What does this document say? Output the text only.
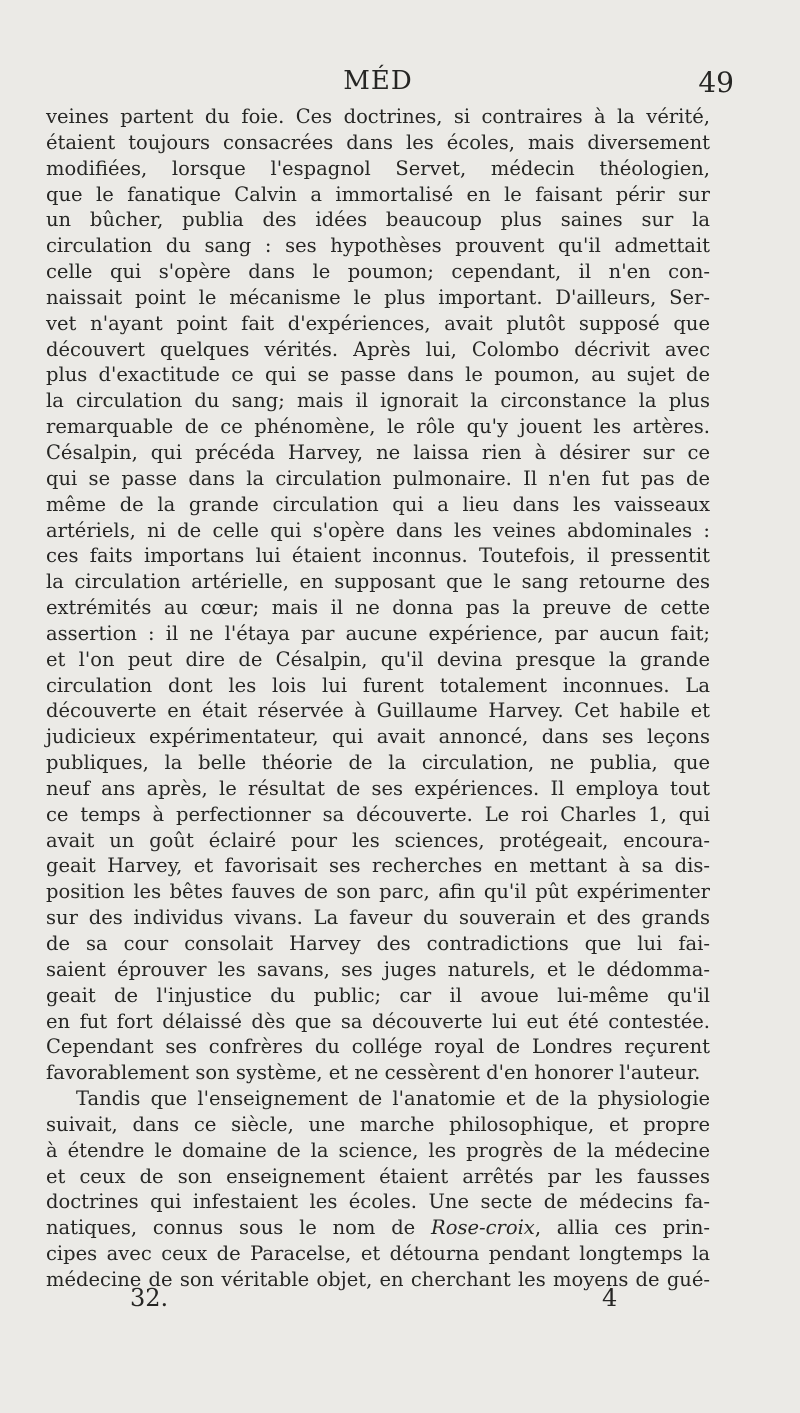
MÉD	49
veines partent du foie. Ces doctrines, si contraires à la vérité,
étaient toujours consacrées dans les écoles, mais diversement
modifiées, lorsque l'espagnol Servet, médecin théologien,
que le fanatique Calvin a immortalisé en le faisant périr sur
un bûcher, publia des idées beaucoup plus saines sur la
circulation du sang : ses hypothèses prouvent qu'il admettait
celle qui s'opère dans le poumon; cependant, il n'en con-
naissait point le mécanisme le plus important. D'ailleurs, Ser-
vet n'ayant point fait d'expériences, avait plutôt supposé que
découvert quelques vérités. Après lui, Colombo décrivit avec
plus d'exactitude ce qui se passe dans le poumon, au sujet de
la circulation du sang; mais il ignorait la circonstance la plus
remarquable de ce phénomène, le rôle qu'y jouent les artères.
Césalpin, qui précéda Harvey, ne laissa rien à désirer sur ce
qui se passe dans la circulation pulmonaire. Il n'en fut pas de
même de la grande circulation qui a lieu dans les vaisseaux
artériels, ni de celle qui s'opère dans les veines abdominales :
ces faits importans lui étaient inconnus. Toutefois, il pressentit
la circulation artérielle, en supposant que le sang retourne des
extrémités au cœur; mais il ne donna pas la preuve de cette
assertion : il ne l'étaya par aucune expérience, par aucun fait;
et l'on peut dire de Césalpin, qu'il devina presque la grande
circulation dont les lois lui furent totalement inconnues. La
découverte en était réservée à Guillaume Harvey. Cet habile et
judicieux expérimentateur, qui avait annoncé, dans ses leçons
publiques, la belle théorie de la circulation, ne publia, que
neuf ans après, le résultat de ses expériences. Il employa tout
ce temps à perfectionner sa découverte. Le roi Charles 1, qui
avait un goût éclairé pour les sciences, protégeait, encoura-
geait Harvey, et favorisait ses recherches en mettant à sa dis-
position les bêtes fauves de son parc, afin qu'il pût expérimenter
sur des individus vivans. La faveur du souverain et des grands
de sa cour consolait Harvey des contradictions que lui fai-
saient éprouver les savans, ses juges naturels, et le dédomma-
geait de l'injustice du public; car il avoue lui-même qu'il
en fut fort délaissé dès que sa découverte lui eut été contestée.
Cependant ses confrères du collége royal de Londres reçurent
favorablement son système, et ne cessèrent d'en honorer l'auteur.
Tandis que l'enseignement de l'anatomie et de la physiologie
suivait, dans ce siècle, une marche philosophique, et propre
à étendre le domaine de la science, les progrès de la médecine
et ceux de son enseignement étaient arrêtés par les fausses
doctrines qui infestaient les écoles. Une secte de médecins fa-
natiques, connus sous le nom de Rose-croix, allia ces prin-
cipes avec ceux de Paracelse, et détourna pendant longtemps la
médecine de son véritable objet, en cherchant les moyens de gué-
32.	4
